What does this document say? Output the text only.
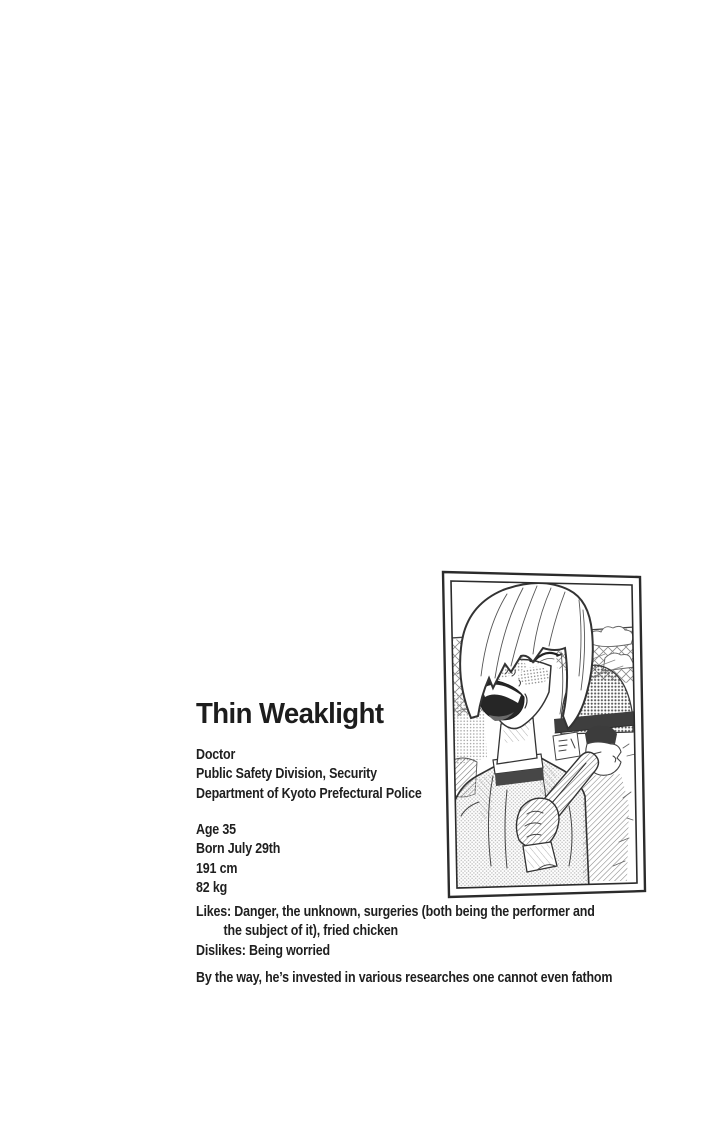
Thin Weaklight
Doctor
Public Safety Division, Security
Department of Kyoto Prefectural Police
Age 35
Born July 29th
191 cm
82 kg
Likes: Danger, the unknown, surgeries (both being the performer and
the subject of it), fried chicken
Dislikes: Being worried
By the way, he’s invested in various researches one cannot even fathom
